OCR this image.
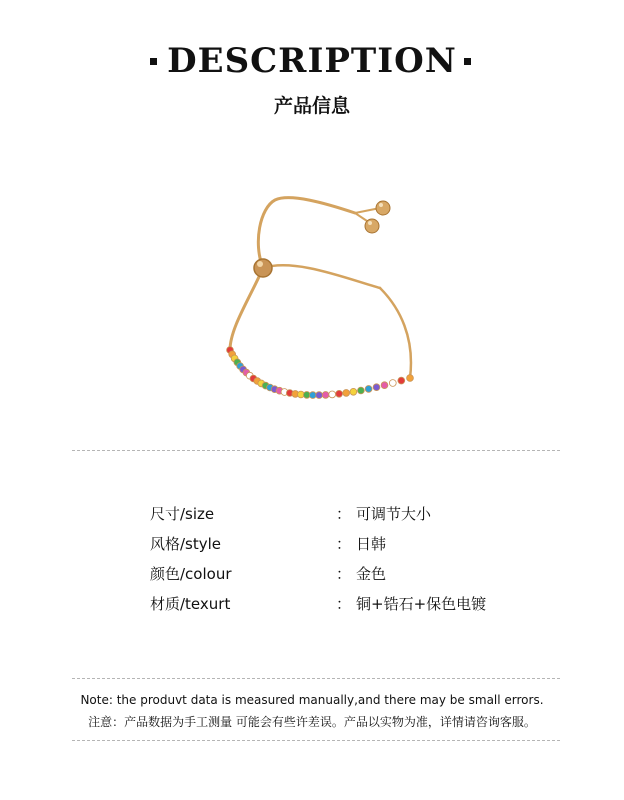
DESCRIPTION
产品信息
尺寸/size	： 可调节大小
风格/style	： 日韩
颜色/colour	： 金色
材质/texurt	： 铜+锆石+保色电镀
Note: the produvt data is measured manually,and there may be small errors.
注意：产品数据为手工测量 可能会有些许差误。产品以实物为准，详情请咨询客服。
